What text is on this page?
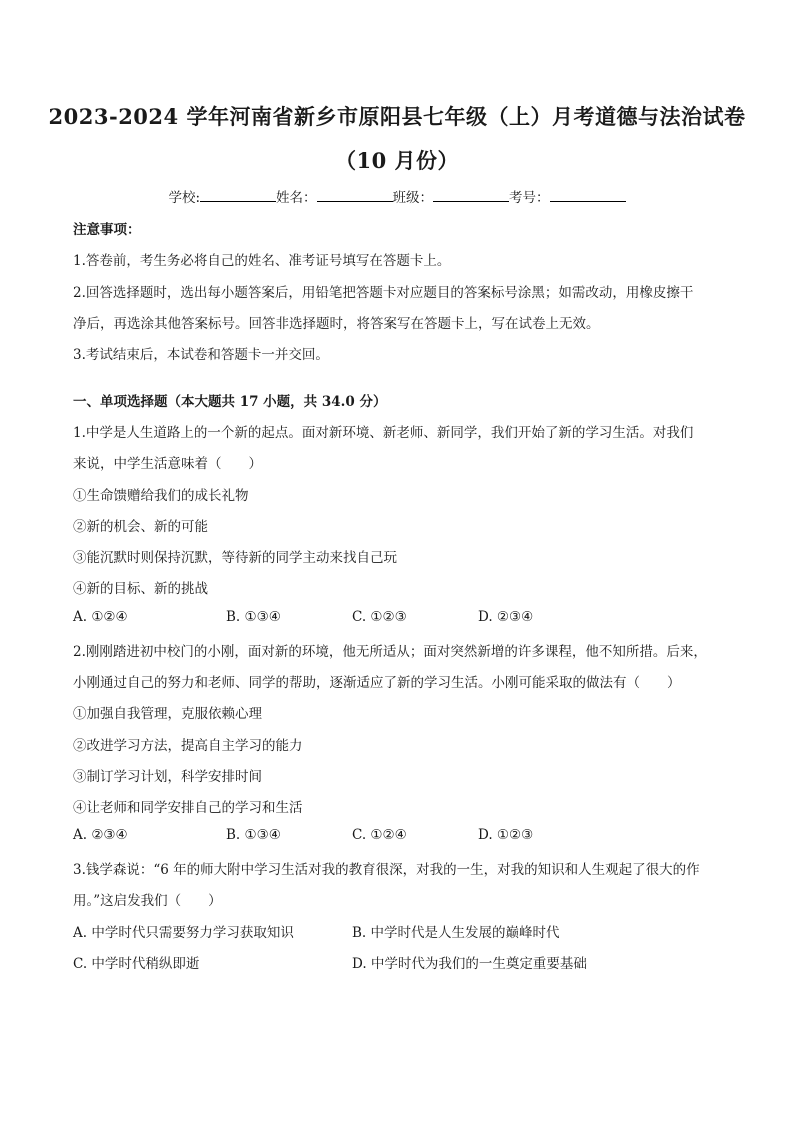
2023-2024 学年河南省新乡市原阳县七年级（上）月考道德与法治试卷
（10 月份）
学校:	姓名：	班级：	考号：
注意事项：
1.答卷前，考生务必将自己的姓名、准考证号填写在答题卡上。
2.回答选择题时，选出每小题答案后，用铅笔把答题卡对应题目的答案标号涂黑；如需改动，用橡皮擦干
净后，再选涂其他答案标号。回答非选择题时，将答案写在答题卡上，写在试卷上无效。
3.考试结束后，本试卷和答题卡一并交回。
一、单项选择题（本大题共 17 小题，共 34.0 分）
1.中学是人生道路上的一个新的起点。面对新环境、新老师、新同学，我们开始了新的学习生活。对我们
来说，中学生活意味着（　　）
①生命馈赠给我们的成长礼物
②新的机会、新的可能
③能沉默时则保持沉默，等待新的同学主动来找自己玩
④新的目标、新的挑战
A. ①②④	B. ①③④	C. ①②③	D. ②③④
2.刚刚踏进初中校门的小刚，面对新的环境，他无所适从；面对突然新增的许多课程，他不知所措。后来，
小刚通过自己的努力和老师、同学的帮助，逐渐适应了新的学习生活。小刚可能采取的做法有（　　）
①加强自我管理，克服依赖心理
②改进学习方法，提高自主学习的能力
③制订学习计划，科学安排时间
④让老师和同学安排自己的学习和生活
A. ②③④	B. ①③④	C. ①②④	D. ①②③
3.钱学森说：“6 年的师大附中学习生活对我的教育很深，对我的一生，对我的知识和人生观起了很大的作
用。”这启发我们（　　）
A. 中学时代只需要努力学习获取知识	B. 中学时代是人生发展的巅峰时代
C. 中学时代稍纵即逝	D. 中学时代为我们的一生奠定重要基础
